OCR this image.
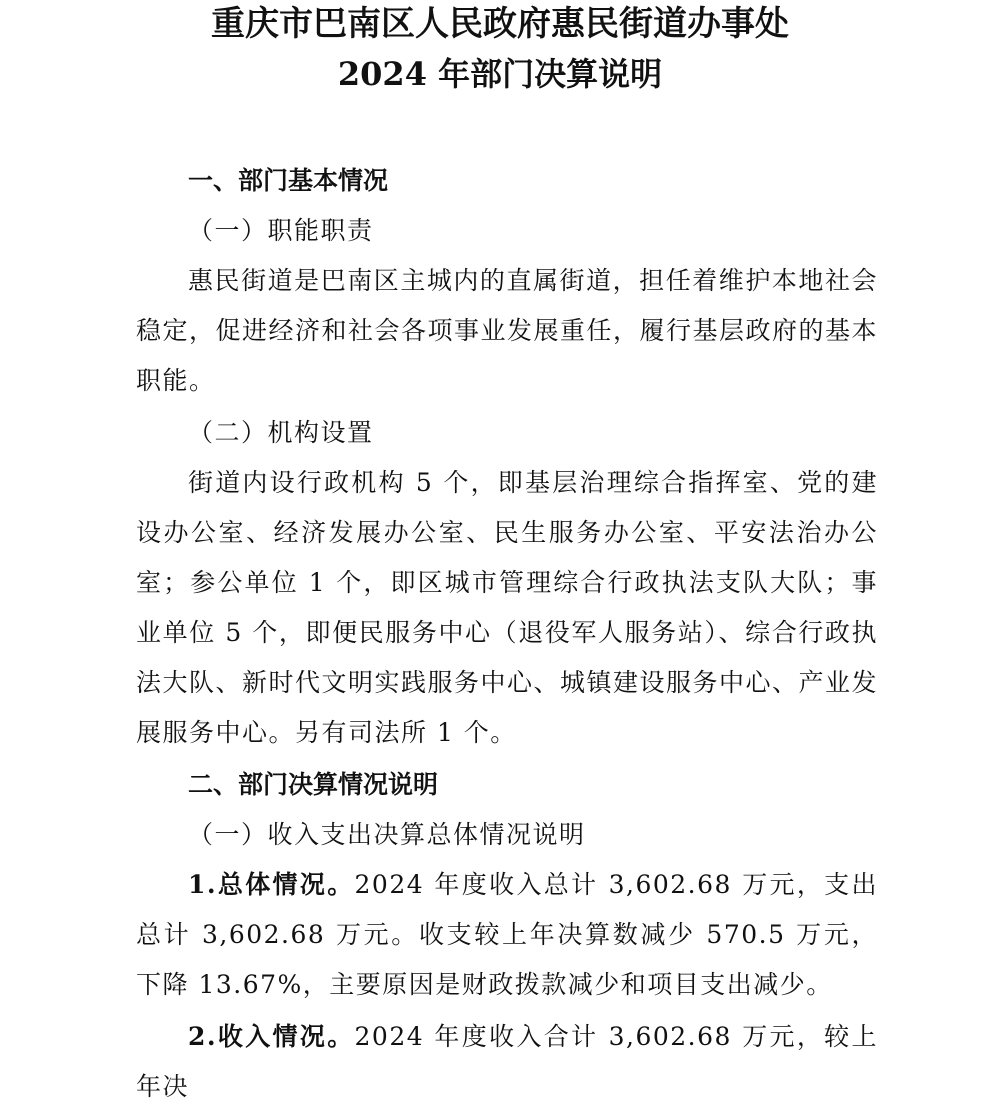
重庆市巴南区人民政府惠民街道办事处
2024 年部门决算说明

一、部门基本情况

（一）职能职责

惠民街道是巴南区主城内的直属街道，担任着维护本地社会稳定，促进经济和社会各项事业发展重任，履行基层政府的基本职能。

（二）机构设置

街道内设行政机构 5 个，即基层治理综合指挥室、党的建设办公室、经济发展办公室、民生服务办公室、平安法治办公室；参公单位 1 个，即区城市管理综合行政执法支队大队；事业单位 5 个，即便民服务中心（退役军人服务站）、综合行政执法大队、新时代文明实践服务中心、城镇建设服务中心、产业发展服务中心。另有司法所 1 个。

二、部门决算情况说明

（一）收入支出决算总体情况说明

1.总体情况。2024 年度收入总计 3,602.68 万元，支出总计 3,602.68 万元。收支较上年决算数减少 570.5 万元，下降 13.67%，主要原因是财政拨款减少和项目支出减少。

2.收入情况。2024 年度收入合计 3,602.68 万元，较上年决
